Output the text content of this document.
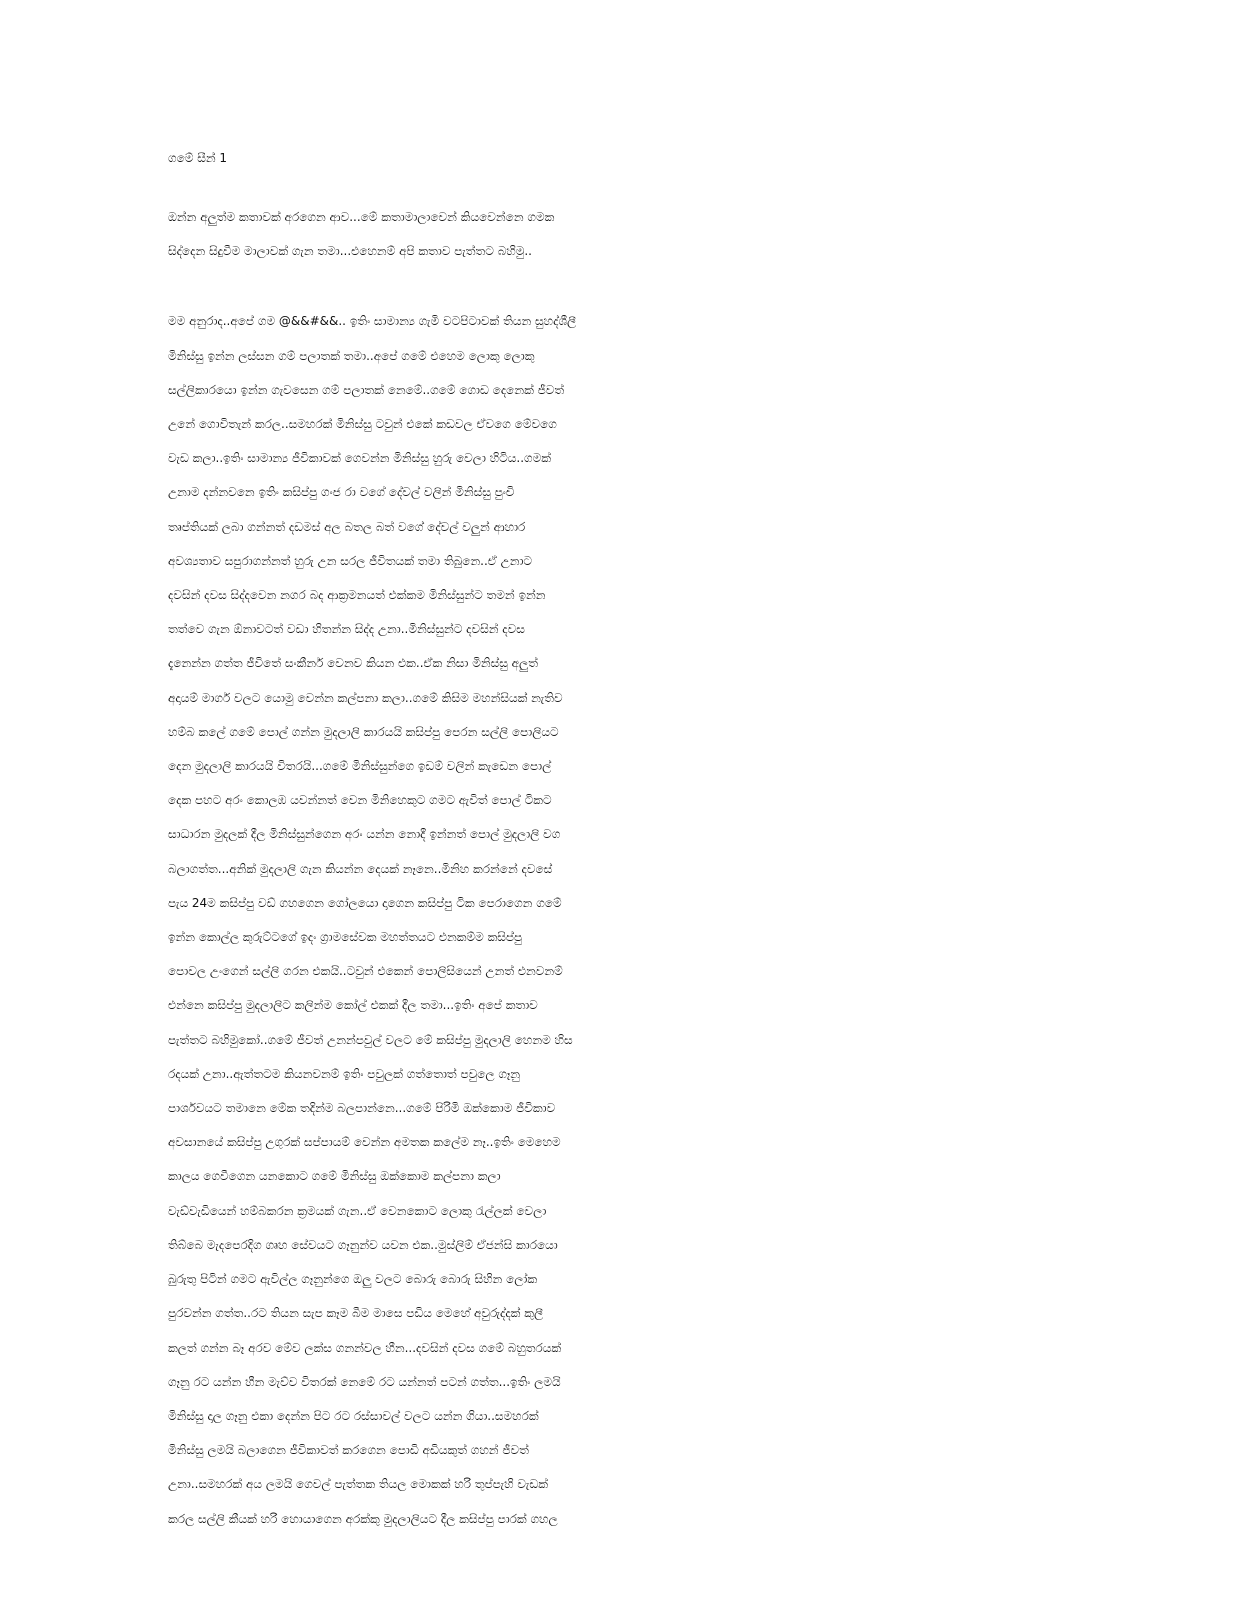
ගමේ සීන් 1
ඔන්න අලුත්ම කතාවක් අරගෙන ආව...මේ කතාමාලාවෙන් කියවෙන්නෙ ගමක
සිද්දෙන සිදුවීම මාලාවක් ගැන තමා...එහෙනම් අපි කතාව පැත්තට බහිමු..
මම අනුරාද..අපේ ගම @&&#&&.. ඉතිං සාමාන්‍ය ගැමි වටපිටාවක් තියන සුහද්ශීලී
මිනිස්සු ඉන්න ලස්සන ගම් පලාතක් තමා..අපේ ගමේ එහෙම ලොකු ලොකු
සල්ලිකාරයො ඉන්න ගැවසෙන ගම් පලාතක් නෙමේ..ගමේ ගොඩ දෙනෙක් ජීවත්
උනේ ගොවිතැන් කරල..සමහරක් මිනිස්සු ටවුන් එකේ කඩවල ඒවගෙ මේවගෙ
වැඩ කලා..ඉතිං සාමාන්‍ය ජීවිකාවක් ගෙවන්න මිනිස්සු හුරු වෙලා හිටිය..ගමක්
උනාම දන්නවනෙ ඉතිං කසිප්පු ගංජ රා වගේ දේවල් වලින් මිනිස්සු පුංචි
තෘප්තියක් ලබා ගන්නත් දඩමස් අල බතල බත් වගේ දේවල් වලුන් ආහාර
අවශ්‍යතාව සපුරාගන්නත් හුරු උන සරල ජීවිතයක් තමා තිබුනෙ..ඒ උනාට
දවසින් දවස සිද්දවෙන නගර බද ආක්‍රමනයත් එක්කම මිනිස්සුන්ට තමන් ඉන්න
තත්වෙ ගැන ඕනාවටත් වඩා හිතන්න සිද්ද උනා..මිනිස්සුන්ට දවසින් දවස
දැනෙන්න ගත්ත ජීවිතේ සංකීර්න වෙනව කියන එක..ඒක නිසා මිනිස්සු අලුත්
අදායම් මාර්ග වලට යොමු වෙන්න කල්පනා කලා..ගමේ කිසිම මහන්සියක් නැතිව
හම්බ කලේ ගමේ පොල් ගන්න මුදලාලි කාරයයි කසිප්පු පෙරන සල්ලි පොලියට
දෙන මුදලාලි කාරයයි විතරයි...ගමේ මිනිස්සුන්ගෙ ඉඩම් වලින් කැඩෙන පොල්
දෙක පහට අරං කොලඹ යවන්නත් වෙන මිනිහෙකුට ගමට ඇවිත් පොල් ටිකට
සාධාරන මුදලක් දීල මිනිස්සුන්ගෙන අරං යන්න නොදී ඉන්නත් පොල් මුදලාලි වග
බලාගත්ත...අනික් මුදලාලි ගැන කියන්න දෙයක් නෑනෙ..මිනිහ කරන්නේ දවසේ
පැය 24ම කසිප්පු වඩ් ගහගෙන ගෝලයො දාගෙන කසිප්පු ටික පෙරාගෙන ගමේ
ඉන්න කොල්ල කුරුට්ටගේ ඉදං ග්‍රාමසේවක මහත්තයට එනකම්ම කසිප්පු
පොවල උංගෙන් සල්ලි ගරන එකයි..ටවුන් එකෙන් පොලිසියෙන් උනත් එනවනම්
එන්නෙ කසිප්පු මුදලාලිට කලින්ම කෝල් එකක් දීල තමා...ඉතිං අපේ කතාව
පැත්තට බහිමුකෝ..ගමේ ජීවත් උනන්පවුල් වලට මේ කසිප්පු මුදලාලි හෙනම හිස
රදයක් උනා..ඇත්තටම කියනවනම් ඉතිං පවුලක් ගත්තොත් පවුලෙ ගෑනු
පාර්ශවයට තමානෙ මේක තදින්ම බලපාන්නෙ...ගමේ පිරිමි ඔක්කොම ජීවිකාව
අවසානයේ කසිප්පු උගුරක් සප්පායම් වෙන්න අමතක කලේම නෑ..ඉතිං මෙහෙම
කාලය ගෙවීගෙන යනකොට ගමේ මිනිස්සු ඔක්කොම කල්පනා කලා
වැඩ්වැඩියෙන් හම්බකරන ක්‍රමයක් ගැන..ඒ වෙනකොට ලොකු රැල්ලක් වෙලා
තිබ්බෙ මැදපෙරදිග ගෘහ සේවයට ගෑනුන්ව යවන එක..මුස්ලිම් ඒජන්සි කාරයො
බුරුතු පිටින් ගමට ඇවිල්ල ගෑනුන්ගෙ ඔලු වලට බොරු බොරු සිහින ලෝක
පුරවන්න ගත්ත..රට තියන සැප කෑම බීම මාසෙ පඩිය මෙහේ අවුරුද්දක් කුලී
කලත් ගන්න බෑ අරව මේව ලක්ස ගනන්වල හීන...දවසින් දවස ගමේ බහුතරයක්
ගෑනු රට යන්න හීන මැව්ව විතරක් නෙමේ රට යන්නත් පටන් ගත්ත...ඉතිං ලමයි
මිනිස්සු දාල ගෑනු එකා දෙන්න පිට රට රස්සාවල් වලට යන්න ගියා..සමහරක්
මිනිස්සු ලමයි බලාගෙන ජීවිකාවත් කරගෙන පොඩි අඩියකුත් ගහන් ජීවත්
උනා..සමහරක් අය ලමයි ගෙවල් පැත්තක තියල මොකක් හරි තුප්පැහි වැඩක්
කරල සල්ලි කීයක් හරි හොයාගෙන අරක්කු මුදලාලියට දීල කසිප්පු පාරක් ගහල
